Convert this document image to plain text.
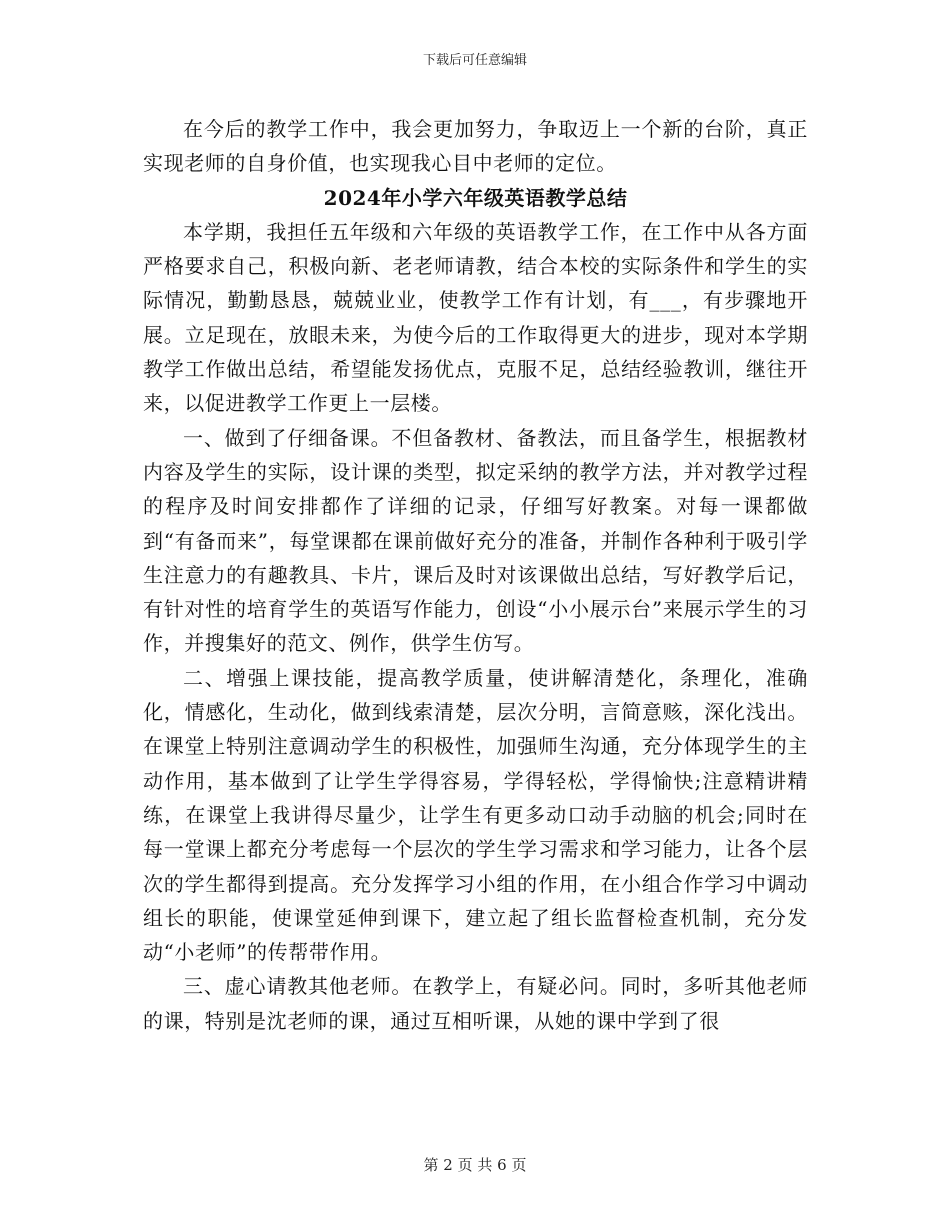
下载后可任意编辑

在今后的教学工作中，我会更加努力，争取迈上一个新的台阶，真正实现老师的自身价值，也实现我心目中老师的定位。

2024年小学六年级英语教学总结

本学期，我担任五年级和六年级的英语教学工作，在工作中从各方面严格要求自己，积极向新、老老师请教，结合本校的实际条件和学生的实际情况，勤勤恳恳，兢兢业业，使教学工作有计划，有___，有步骤地开展。立足现在，放眼未来，为使今后的工作取得更大的进步，现对本学期教学工作做出总结，希望能发扬优点，克服不足，总结经验教训，继往开来，以促进教学工作更上一层楼。

一、做到了仔细备课。不但备教材、备教法，而且备学生，根据教材内容及学生的实际，设计课的类型，拟定采纳的教学方法，并对教学过程的程序及时间安排都作了详细的记录，仔细写好教案。对每一课都做到“有备而来”，每堂课都在课前做好充分的准备，并制作各种利于吸引学生注意力的有趣教具、卡片，课后及时对该课做出总结，写好教学后记，有针对性的培育学生的英语写作能力，创设“小小展示台”来展示学生的习作，并搜集好的范文、例作，供学生仿写。

二、增强上课技能，提高教学质量，使讲解清楚化，条理化，准确化，情感化，生动化，做到线索清楚，层次分明，言简意赅，深化浅出。在课堂上特别注意调动学生的积极性，加强师生沟通，充分体现学生的主动作用，基本做到了让学生学得容易，学得轻松，学得愉快;注意精讲精练，在课堂上我讲得尽量少，让学生有更多动口动手动脑的机会;同时在每一堂课上都充分考虑每一个层次的学生学习需求和学习能力，让各个层次的学生都得到提高。充分发挥学习小组的作用，在小组合作学习中调动组长的职能，使课堂延伸到课下，建立起了组长监督检查机制，充分发动“小老师”的传帮带作用。

三、虚心请教其他老师。在教学上，有疑必问。同时，多听其他老师的课，特别是沈老师的课，通过互相听课，从她的课中学到了很

第 2 页 共 6 页
